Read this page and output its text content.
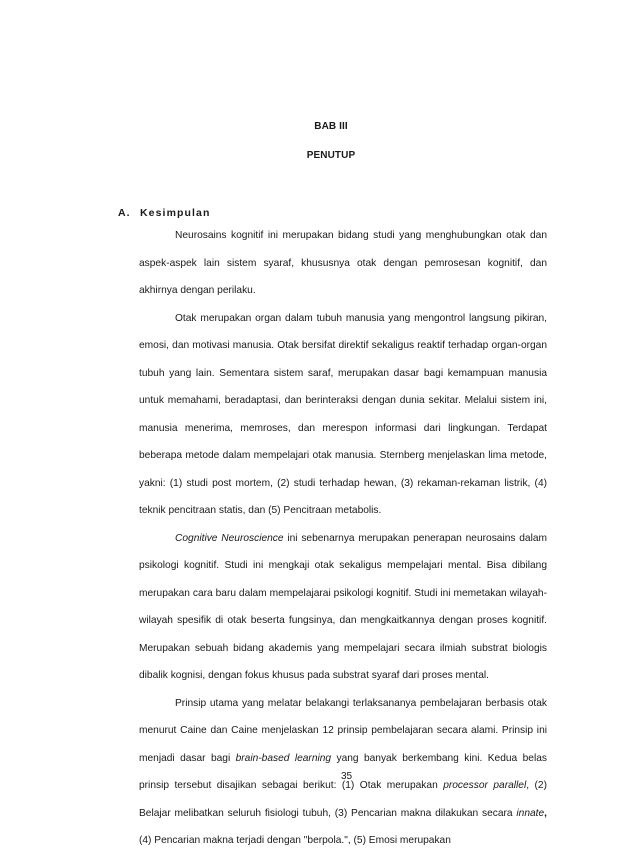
BAB III
PENUTUP
A. Kesimpulan

Neurosains kognitif ini merupakan bidang studi yang menghubungkan otak dan aspek-aspek lain sistem syaraf, khususnya otak dengan pemrosesan kognitif, dan akhirnya dengan perilaku.

Otak merupakan organ dalam tubuh manusia yang mengontrol langsung pikiran, emosi, dan motivasi manusia. Otak bersifat direktif sekaligus reaktif terhadap organ-organ tubuh yang lain. Sementara sistem saraf, merupakan dasar bagi kemampuan manusia untuk memahami, beradaptasi, dan berinteraksi dengan dunia sekitar. Melalui sistem ini, manusia menerima, memroses, dan merespon informasi dari lingkungan. Terdapat beberapa metode dalam mempelajari otak manusia. Sternberg menjelaskan lima metode, yakni: (1) studi post mortem, (2) studi terhadap hewan, (3) rekaman-rekaman listrik, (4) teknik pencitraan statis, dan (5) Pencitraan metabolis.

Cognitive Neuroscience ini sebenarnya merupakan penerapan neurosains dalam psikologi kognitif. Studi ini mengkaji otak sekaligus mempelajari mental. Bisa dibilang merupakan cara baru dalam mempelajarai psikologi kognitif. Studi ini memetakan wilayah-wilayah spesifik di otak beserta fungsinya, dan mengkaitkannya dengan proses kognitif. Merupakan sebuah bidang akademis yang mempelajari secara ilmiah substrat biologis dibalik kognisi, dengan fokus khusus pada substrat syaraf dari proses mental.

Prinsip utama yang melatar belakangi terlaksananya pembelajaran berbasis otak menurut Caine dan Caine menjelaskan 12 prinsip pembelajaran secara alami. Prinsip ini menjadi dasar bagi brain-based learning yang banyak berkembang kini. Kedua belas prinsip tersebut disajikan sebagai berikut: (1) Otak merupakan processor parallel, (2) Belajar melibatkan seluruh fisiologi tubuh, (3) Pencarian makna dilakukan secara innate, (4) Pencarian makna terjadi dengan "berpola.", (5) Emosi merupakan

35
